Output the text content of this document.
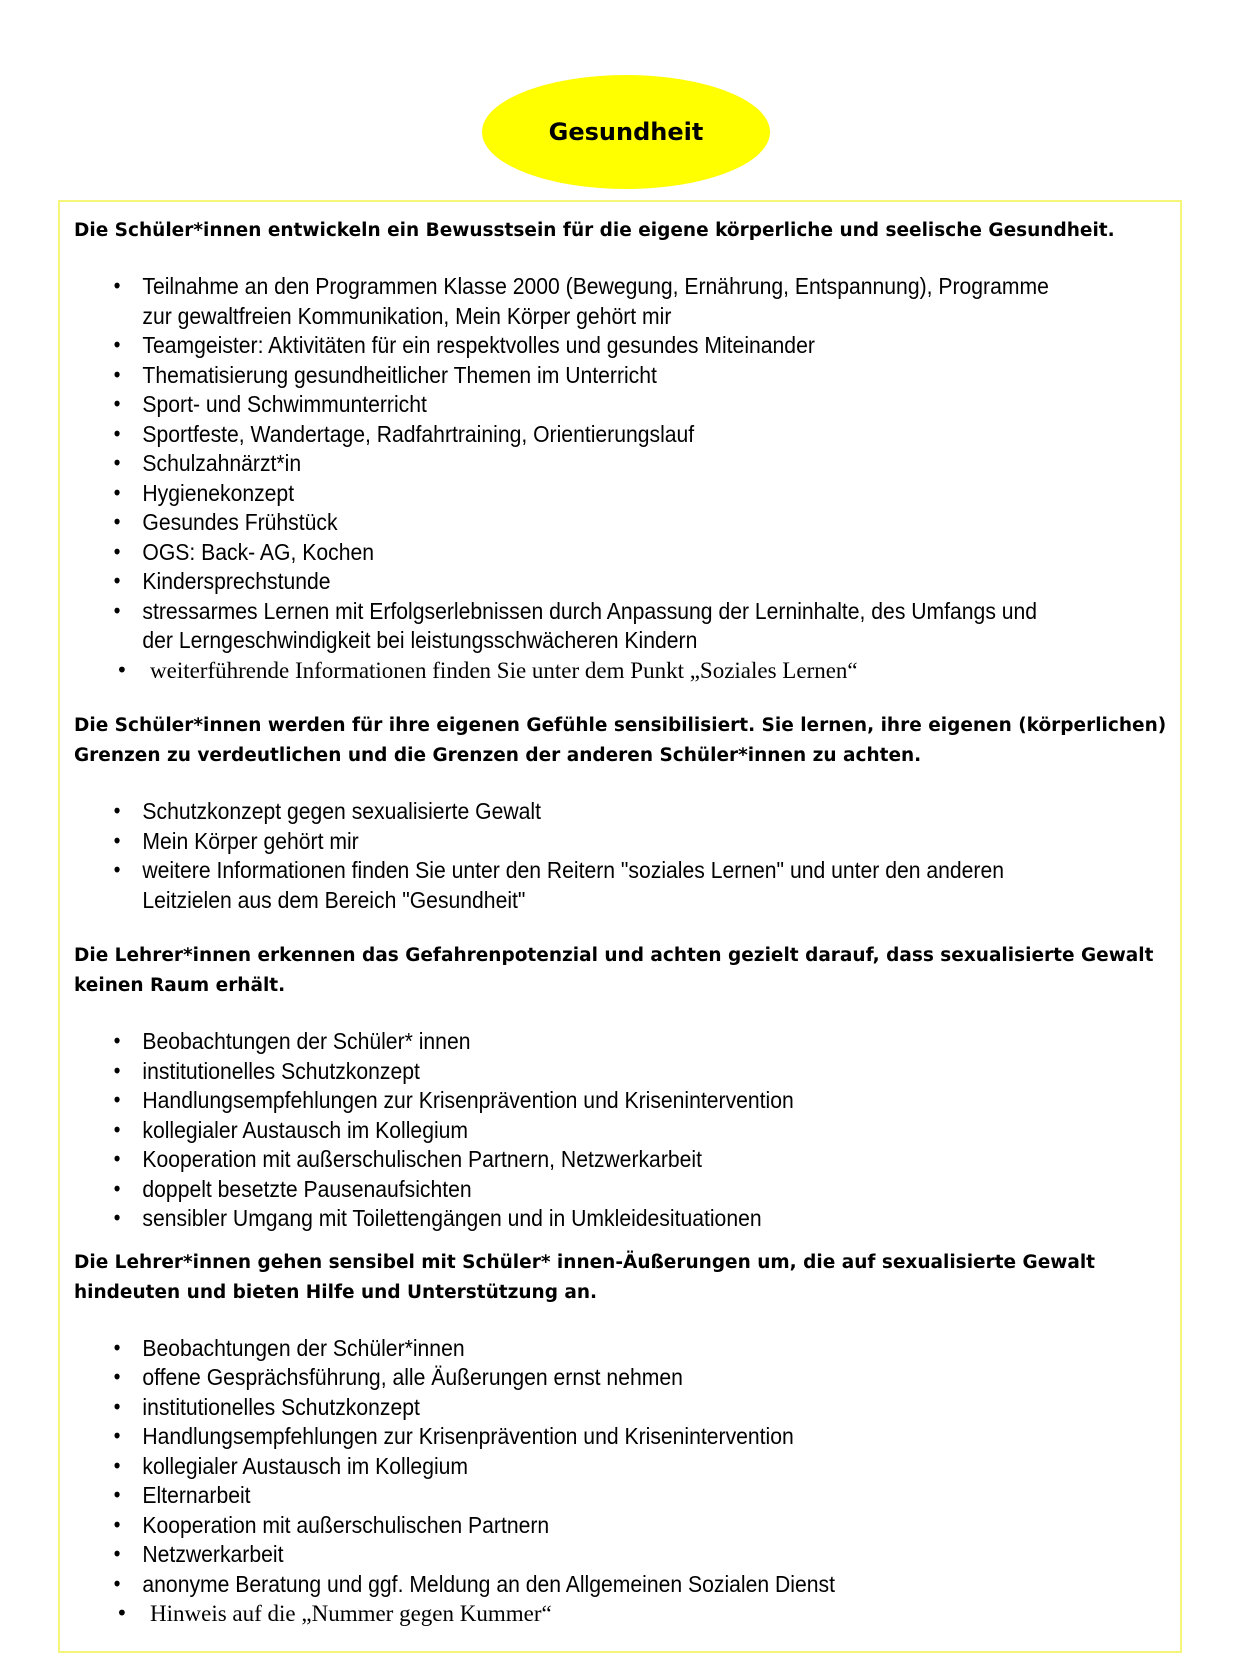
Gesundheit

Die Schüler*innen entwickeln ein Bewusstsein für die eigene körperliche und seelische Gesundheit.

• Teilnahme an den Programmen Klasse 2000 (Bewegung, Ernährung, Entspannung), Programme zur gewaltfreien Kommunikation, Mein Körper gehört mir
• Teamgeister: Aktivitäten für ein respektvolles und gesundes Miteinander
• Thematisierung gesundheitlicher Themen im Unterricht
• Sport- und Schwimmunterricht
• Sportfeste, Wandertage, Radfahrtraining, Orientierungslauf
• Schulzahnärzt*in
• Hygienekonzept
• Gesundes Frühstück
• OGS: Back- AG, Kochen
• Kindersprechstunde
• stressarmes Lernen mit Erfolgserlebnissen durch Anpassung der Lerninhalte, des Umfangs und der Lerngeschwindigkeit bei leistungsschwächeren Kindern
• weiterführende Informationen finden Sie unter dem Punkt „Soziales Lernen“

Die Schüler*innen werden für ihre eigenen Gefühle sensibilisiert. Sie lernen, ihre eigenen (körperlichen) Grenzen zu verdeutlichen und die Grenzen der anderen Schüler*innen zu achten.

• Schutzkonzept gegen sexualisierte Gewalt
• Mein Körper gehört mir
• weitere Informationen finden Sie unter den Reitern "soziales Lernen" und unter den anderen Leitzielen aus dem Bereich "Gesundheit"

Die Lehrer*innen erkennen das Gefahrenpotenzial und achten gezielt darauf, dass sexualisierte Gewalt keinen Raum erhält.

• Beobachtungen der Schüler* innen
• institutionelles Schutzkonzept
• Handlungsempfehlungen zur Krisenprävention und Krisenintervention
• kollegialer Austausch im Kollegium
• Kooperation mit außerschulischen Partnern, Netzwerkarbeit
• doppelt besetzte Pausenaufsichten
• sensibler Umgang mit Toilettengängen und in Umkleidesituationen

Die Lehrer*innen gehen sensibel mit Schüler* innen-Äußerungen um, die auf sexualisierte Gewalt hindeuten und bieten Hilfe und Unterstützung an.

• Beobachtungen der Schüler*innen
• offene Gesprächsführung, alle Äußerungen ernst nehmen
• institutionelles Schutzkonzept
• Handlungsempfehlungen zur Krisenprävention und Krisenintervention
• kollegialer Austausch im Kollegium
• Elternarbeit
• Kooperation mit außerschulischen Partnern
• Netzwerkarbeit
• anonyme Beratung und ggf. Meldung an den Allgemeinen Sozialen Dienst
• Hinweis auf die „Nummer gegen Kummer“
